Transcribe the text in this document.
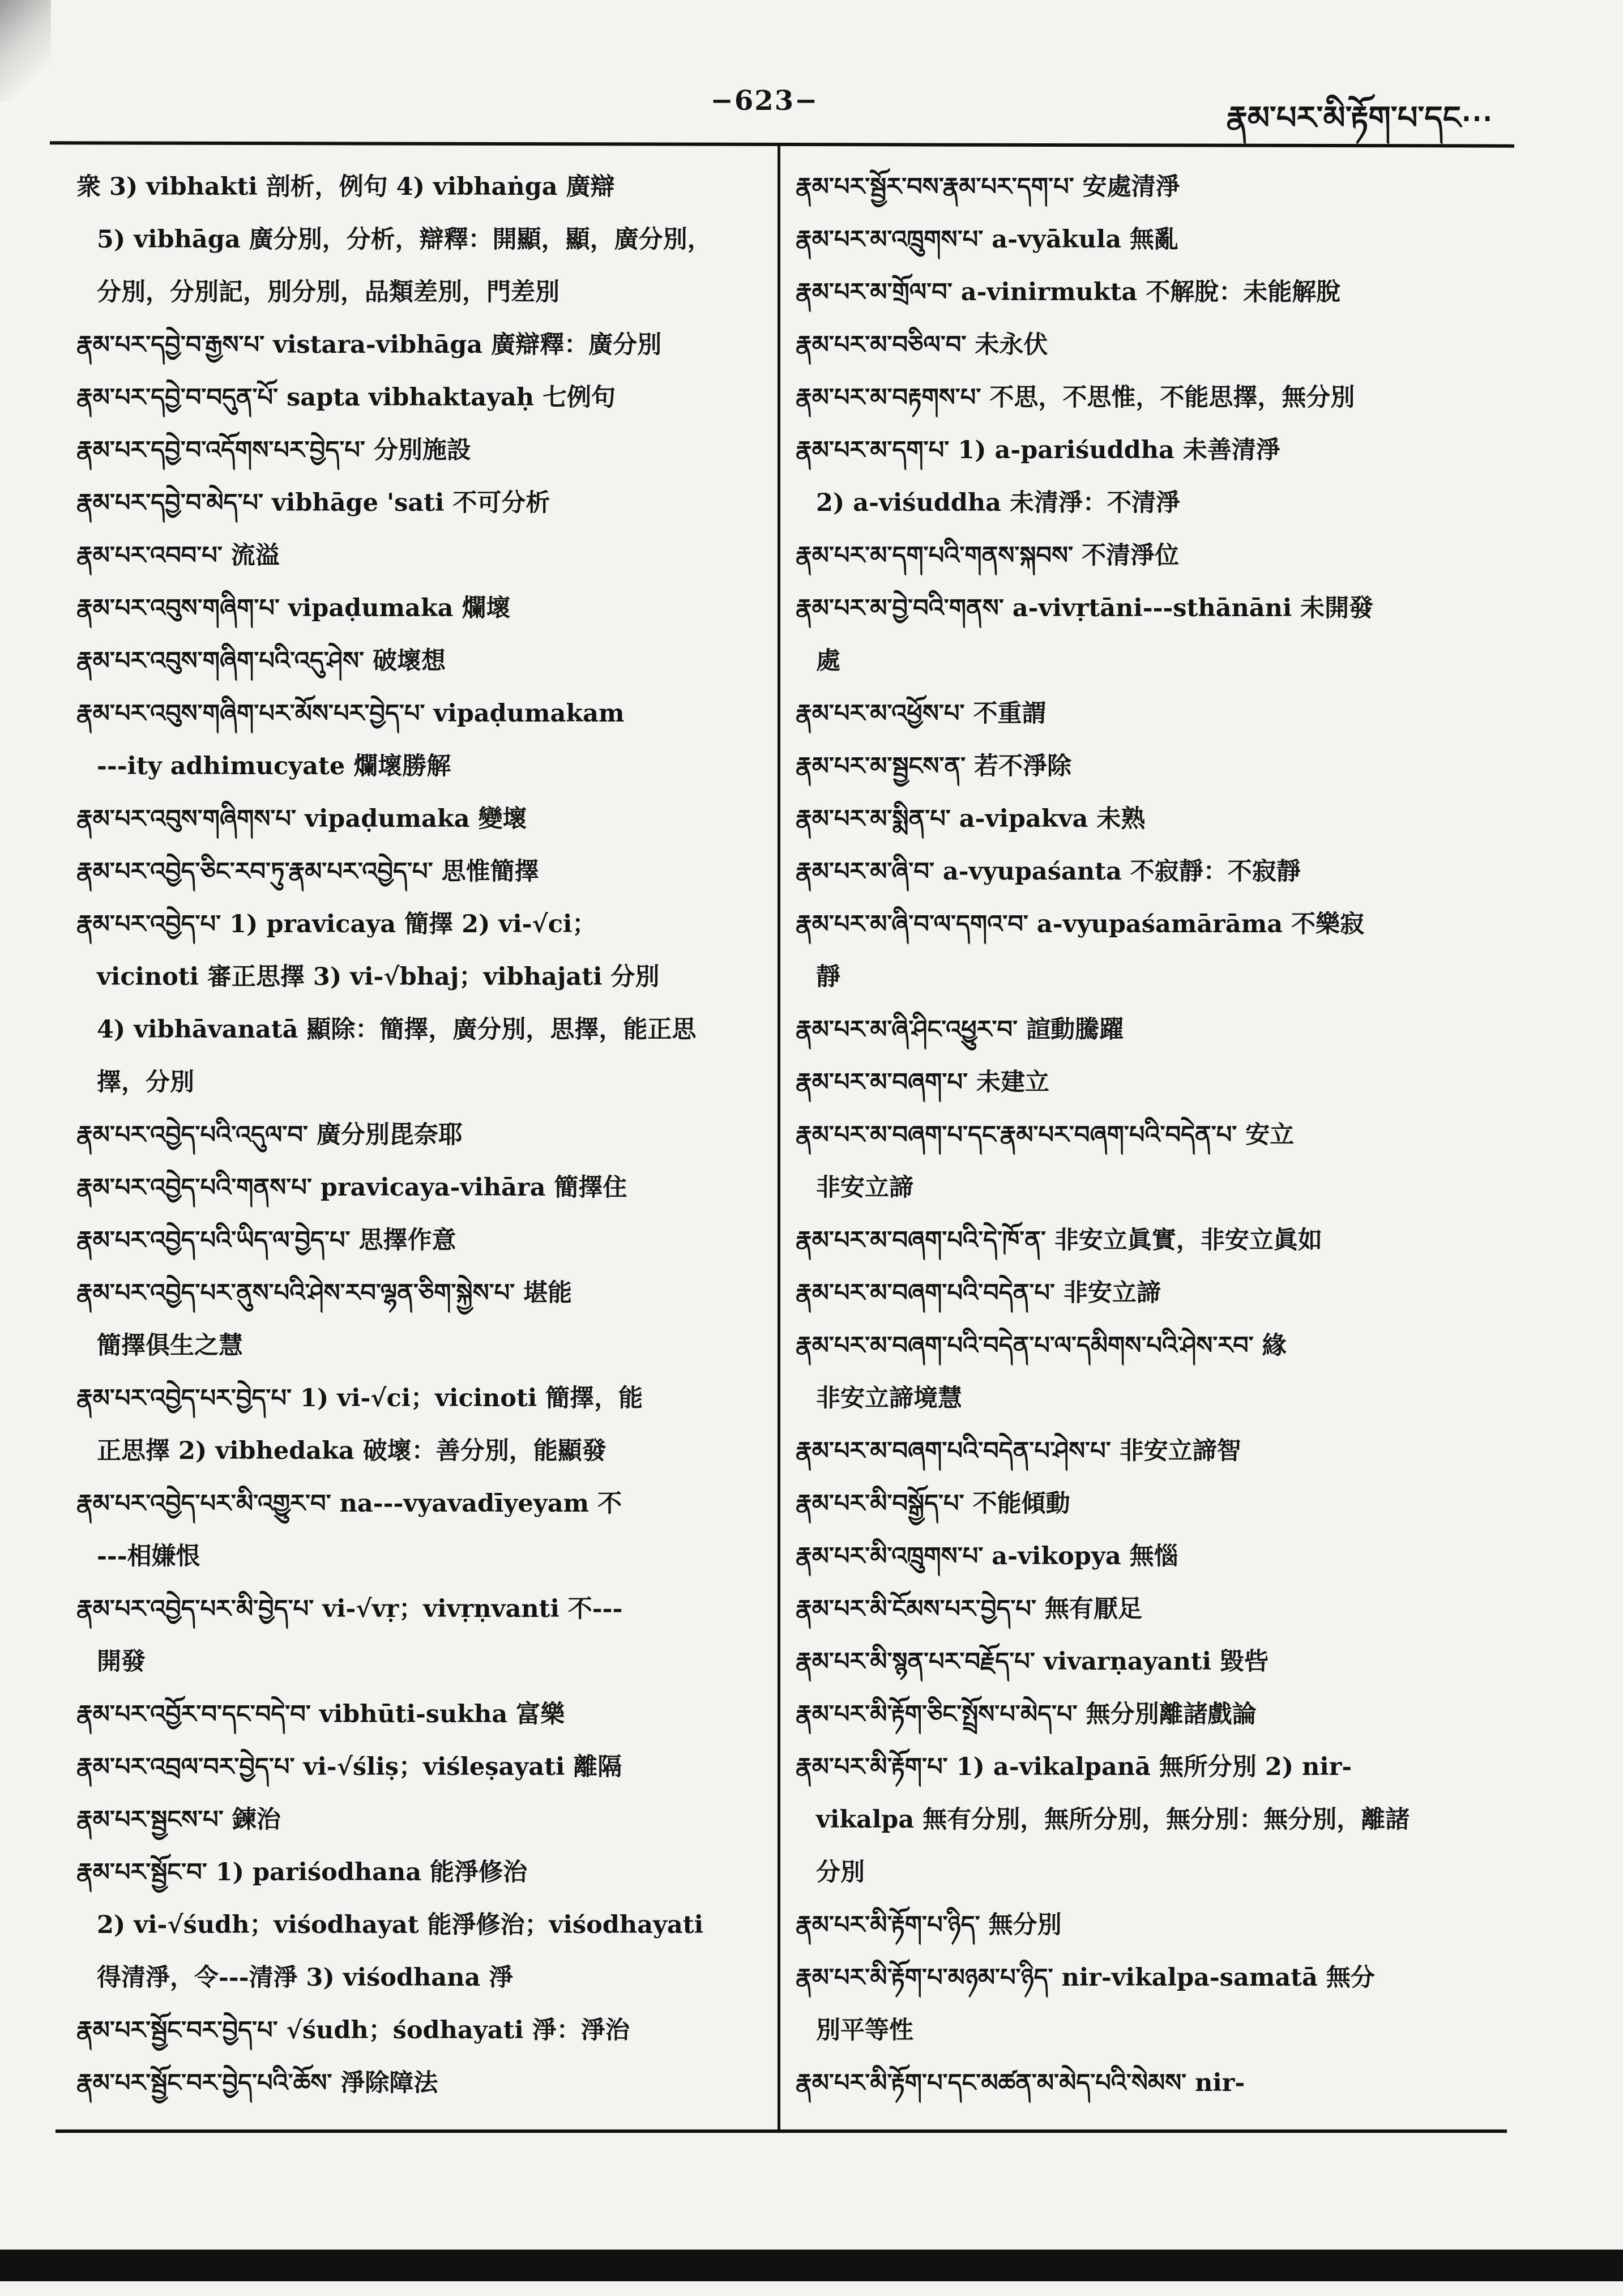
−623−	རྣམ་པར་མི་རྟོག་པ་དང⋯
衆 3) vibhakti 剖析，例句 4) vibhaṅga 廣辯
5) vibhāga 廣分別，分析，辯釋：開顯，顯，廣分別，
分別，分別記，別分別，品類差別，門差別
རྣམ་པར་དབྱེ་བ་རྒྱས་པ་ vistara-vibhāga 廣辯釋：廣分別
རྣམ་པར་དབྱེ་བ་བདུན་པོ་ sapta vibhaktayaḥ 七例句
རྣམ་པར་དབྱེ་བ་འདོགས་པར་བྱེད་པ་ 分別施設
རྣམ་པར་དབྱེ་བ་མེད་པ་ vibhāge 'sati 不可分析
རྣམ་པར་འབབ་པ་ 流溢
རྣམ་པར་འབུས་གཞིག་པ་ vipaḍumaka 爛壞
རྣམ་པར་འབུས་གཞིག་པའི་འདུ་ཤེས་ 破壞想
རྣམ་པར་འབུས་གཞིག་པར་མོས་པར་བྱེད་པ་ vipaḍumakam
---ity adhimucyate 爛壞勝解
རྣམ་པར་འབུས་གཞིགས་པ་ vipaḍumaka 變壞
རྣམ་པར་འབྱེད་ཅིང་རབ་ཏུ་རྣམ་པར་འབྱེད་པ་ 思惟簡擇
རྣམ་པར་འབྱེད་པ་ 1) pravicaya 簡擇 2) vi-√ci；
vicinoti 審正思擇 3) vi-√bhaj；vibhajati 分別
4) vibhāvanatā 顯除：簡擇，廣分別，思擇，能正思
擇，分別
རྣམ་པར་འབྱེད་པའི་འདུལ་བ་ 廣分別毘奈耶
རྣམ་པར་འབྱེད་པའི་གནས་པ་ pravicaya-vihāra 簡擇住
རྣམ་པར་འབྱེད་པའི་ཡིད་ལ་བྱེད་པ་ 思擇作意
རྣམ་པར་འབྱེད་པར་ནུས་པའི་ཤེས་རབ་ལྷན་ཅིག་སྐྱེས་པ་ 堪能
簡擇俱生之慧
རྣམ་པར་འབྱེད་པར་བྱེད་པ་ 1) vi-√ci；vicinoti 簡擇，能
正思擇 2) vibhedaka 破壞：善分別，能顯發
རྣམ་པར་འབྱེད་པར་མི་འགྱུར་བ་ na---vyavadīyeyam 不
---相嫌恨
རྣམ་པར་འབྱེད་པར་མི་བྱེད་པ་ vi-√vṛ；vivṛṇvanti 不---
開發
རྣམ་པར་འབྱོར་བ་དང་བདེ་བ་ vibhūti-sukha 富樂
རྣམ་པར་འབྲལ་བར་བྱེད་པ་ vi-√śliṣ；viśleṣayati 離隔
རྣམ་པར་སྦྱངས་པ་ 鍊治
རྣམ་པར་སྦྱོང་བ་ 1) pariśodhana 能淨修治
2) vi-√śudh；viśodhayat 能淨修治；viśodhayati
得清淨，令---清淨 3) viśodhana 淨
རྣམ་པར་སྦྱོང་བར་བྱེད་པ་ √śudh；śodhayati 淨：淨治
རྣམ་པར་སྦྱོང་བར་བྱེད་པའི་ཆོས་ 淨除障法
རྣམ་པར་སྦྱོར་བས་རྣམ་པར་དག་པ་ 安處清淨
རྣམ་པར་མ་འཁྲུགས་པ་ a-vyākula 無亂
རྣམ་པར་མ་གྲོལ་བ་ a-vinirmukta 不解脫：未能解脫
རྣམ་པར་མ་བཅིལ་བ་ 未永伏
རྣམ་པར་མ་བརྟགས་པ་ 不思，不思惟，不能思擇，無分別
རྣམ་པར་མ་དག་པ་ 1) a-pariśuddha 未善清淨
2) a-viśuddha 未清淨：不清淨
རྣམ་པར་མ་དག་པའི་གནས་སྐབས་ 不清淨位
རྣམ་པར་མ་བྱེ་བའི་གནས་ a-vivṛtāni---sthānāni 未開發
處
རྣམ་པར་མ་འཕྱོས་པ་ 不重謂
རྣམ་པར་མ་སྦྱངས་ན་ 若不淨除
རྣམ་པར་མ་སྨིན་པ་ a-vipakva 未熟
རྣམ་པར་མ་ཞི་བ་ a-vyupaśanta 不寂靜：不寂靜
རྣམ་པར་མ་ཞི་བ་ལ་དགའ་བ་ a-vyupaśamārāma 不樂寂
靜
རྣམ་པར་མ་ཞི་ཤིང་འཕྱུར་བ་ 諠動騰躍
རྣམ་པར་མ་བཞག་པ་ 未建立
རྣམ་པར་མ་བཞག་པ་དང་རྣམ་པར་བཞག་པའི་བདེན་པ་ 安立
非安立諦
རྣམ་པར་མ་བཞག་པའི་དེ་ཁོ་ན་ 非安立眞實，非安立眞如
རྣམ་པར་མ་བཞག་པའི་བདེན་པ་ 非安立諦
རྣམ་པར་མ་བཞག་པའི་བདེན་པ་ལ་དམིགས་པའི་ཤེས་རབ་ 緣
非安立諦境慧
རྣམ་པར་མ་བཞག་པའི་བདེན་པ་ཤེས་པ་ 非安立諦智
རྣམ་པར་མི་བསྒྱོད་པ་ 不能傾動
རྣམ་པར་མི་འཁྲུགས་པ་ a-vikopya 無惱
རྣམ་པར་མི་ངོམས་པར་བྱེད་པ་ 無有厭足
རྣམ་པར་མི་སྙན་པར་བརྗོད་པ་ vivarṇayanti 毀呰
རྣམ་པར་མི་རྟོག་ཅིང་སྤྲོས་པ་མེད་པ་ 無分別離諸戲論
རྣམ་པར་མི་རྟོག་པ་ 1) a-vikalpanā 無所分別 2) nir-
vikalpa 無有分別，無所分別，無分別：無分別，離諸
分別
རྣམ་པར་མི་རྟོག་པ་ཉིད་ 無分別
རྣམ་པར་མི་རྟོག་པ་མཉམ་པ་ཉིད་ nir-vikalpa-samatā 無分
別平等性
རྣམ་པར་མི་རྟོག་པ་དང་མཚན་མ་མེད་པའི་སེམས་ nir-
